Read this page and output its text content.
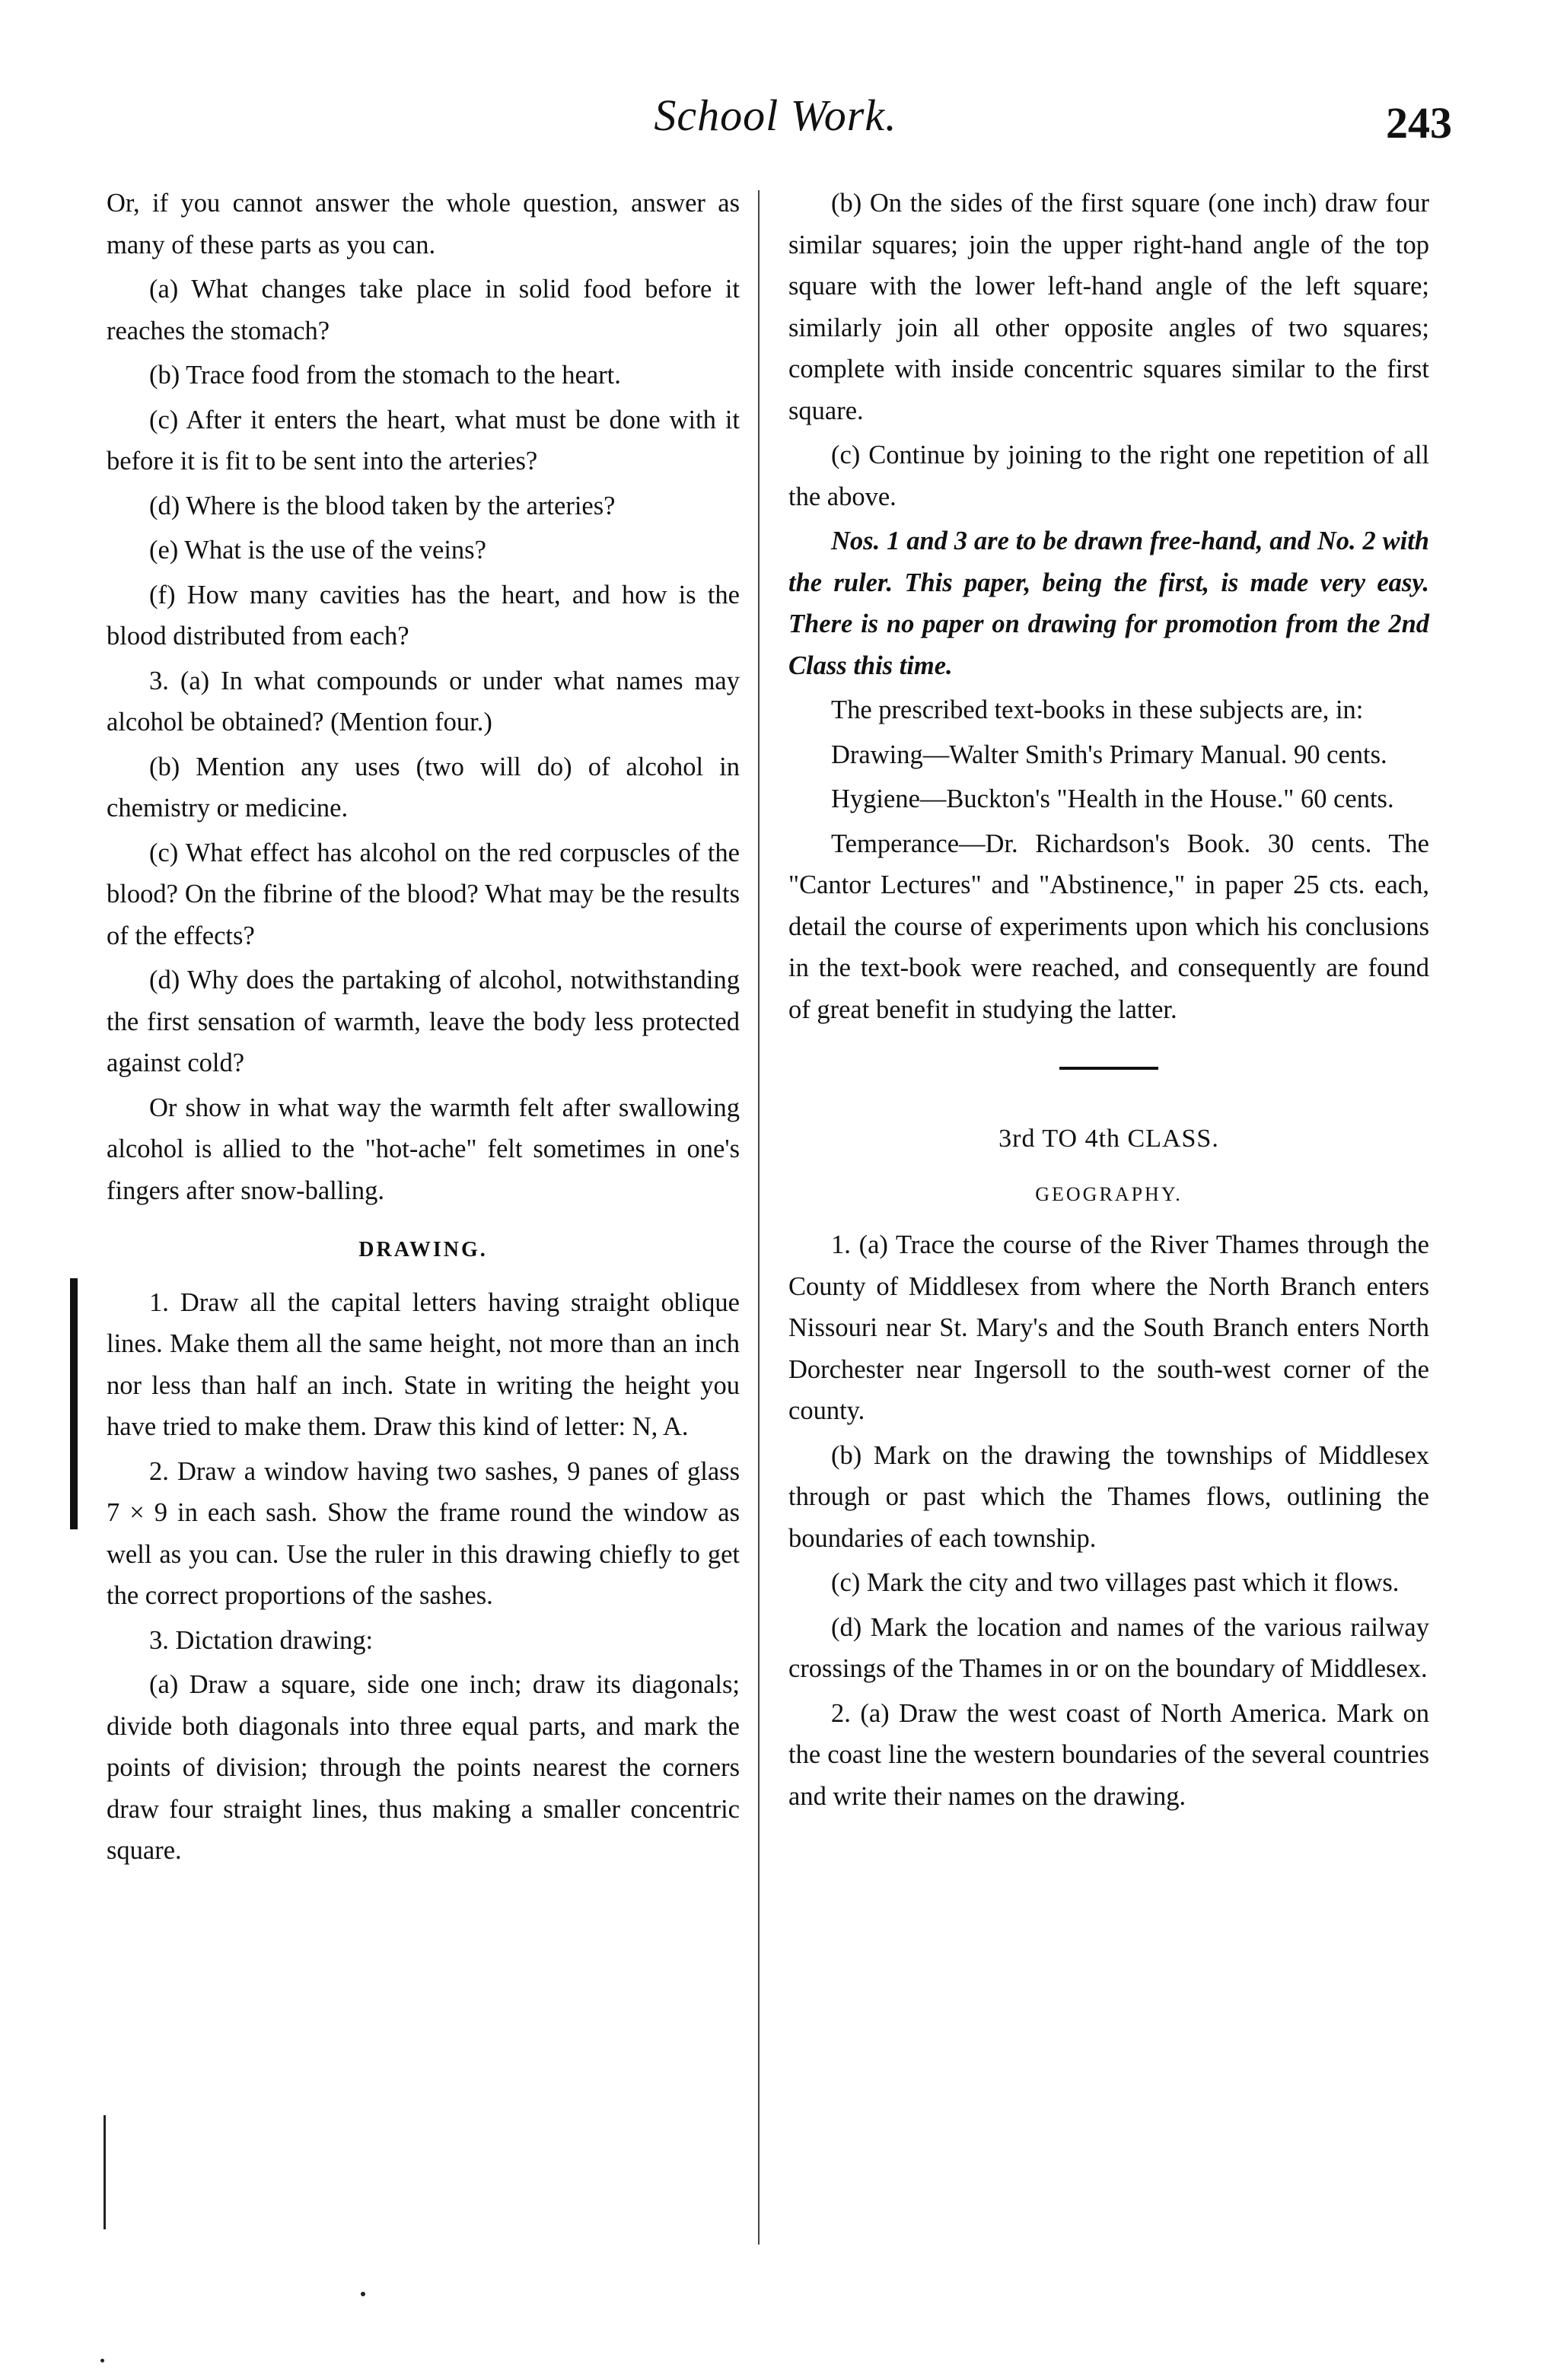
School Work.	243

Or, if you cannot answer the whole question, answer as many of these parts as you can.

(a) What changes take place in solid food before it reaches the stomach?

(b) Trace food from the stomach to the heart.

(c) After it enters the heart, what must be done with it before it is fit to be sent into the arteries?

(d) Where is the blood taken by the arteries?

(e) What is the use of the veins?

(f) How many cavities has the heart, and how is the blood distributed from each?

3. (a) In what compounds or under what names may alcohol be obtained? (Mention four.)

(b) Mention any uses (two will do) of alcohol in chemistry or medicine.

(c) What effect has alcohol on the red corpuscles of the blood? On the fibrine of the blood? What may be the results of the effects?

(d) Why does the partaking of alcohol, notwithstanding the first sensation of warmth, leave the body less protected against cold?

Or show in what way the warmth felt after swallowing alcohol is allied to the "hot-ache" felt sometimes in one's fingers after snow-balling.

DRAWING.

1. Draw all the capital letters having straight oblique lines. Make them all the same height, not more than an inch nor less than half an inch. State in writing the height you have tried to make them. Draw this kind of letter: N, A.

2. Draw a window having two sashes, 9 panes of glass 7 × 9 in each sash. Show the frame round the window as well as you can. Use the ruler in this drawing chiefly to get the correct proportions of the sashes.

3. Dictation drawing:

(a) Draw a square, side one inch; draw its diagonals; divide both diagonals into three equal parts, and mark the points of division; through the points nearest the corners draw four straight lines, thus making a smaller concentric square.

(b) On the sides of the first square (one inch) draw four similar squares; join the upper right-hand angle of the top square with the lower left-hand angle of the left square; similarly join all other opposite angles of two squares; complete with inside concentric squares similar to the first square.

(c) Continue by joining to the right one repetition of all the above.

Nos. 1 and 3 are to be drawn free-hand, and No. 2 with the ruler. This paper, being the first, is made very easy. There is no paper on drawing for promotion from the 2nd Class this time.

The prescribed text-books in these subjects are, in:

Drawing—Walter Smith's Primary Manual. 90 cents.

Hygiene—Buckton's "Health in the House." 60 cents.

Temperance—Dr. Richardson's Book. 30 cents. The "Cantor Lectures" and "Abstinence," in paper 25 cts. each, detail the course of experiments upon which his conclusions in the text-book were reached, and consequently are found of great benefit in studying the latter.

3rd TO 4th CLASS.

GEOGRAPHY.

1. (a) Trace the course of the River Thames through the County of Middlesex from where the North Branch enters Nissouri near St. Mary's and the South Branch enters North Dorchester near Ingersoll to the south-west corner of the county.

(b) Mark on the drawing the townships of Middlesex through or past which the Thames flows, outlining the boundaries of each township.

(c) Mark the city and two villages past which it flows.

(d) Mark the location and names of the various railway crossings of the Thames in or on the boundary of Middlesex.

2. (a) Draw the west coast of North America. Mark on the coast line the western boundaries of the several countries and write their names on the drawing.
